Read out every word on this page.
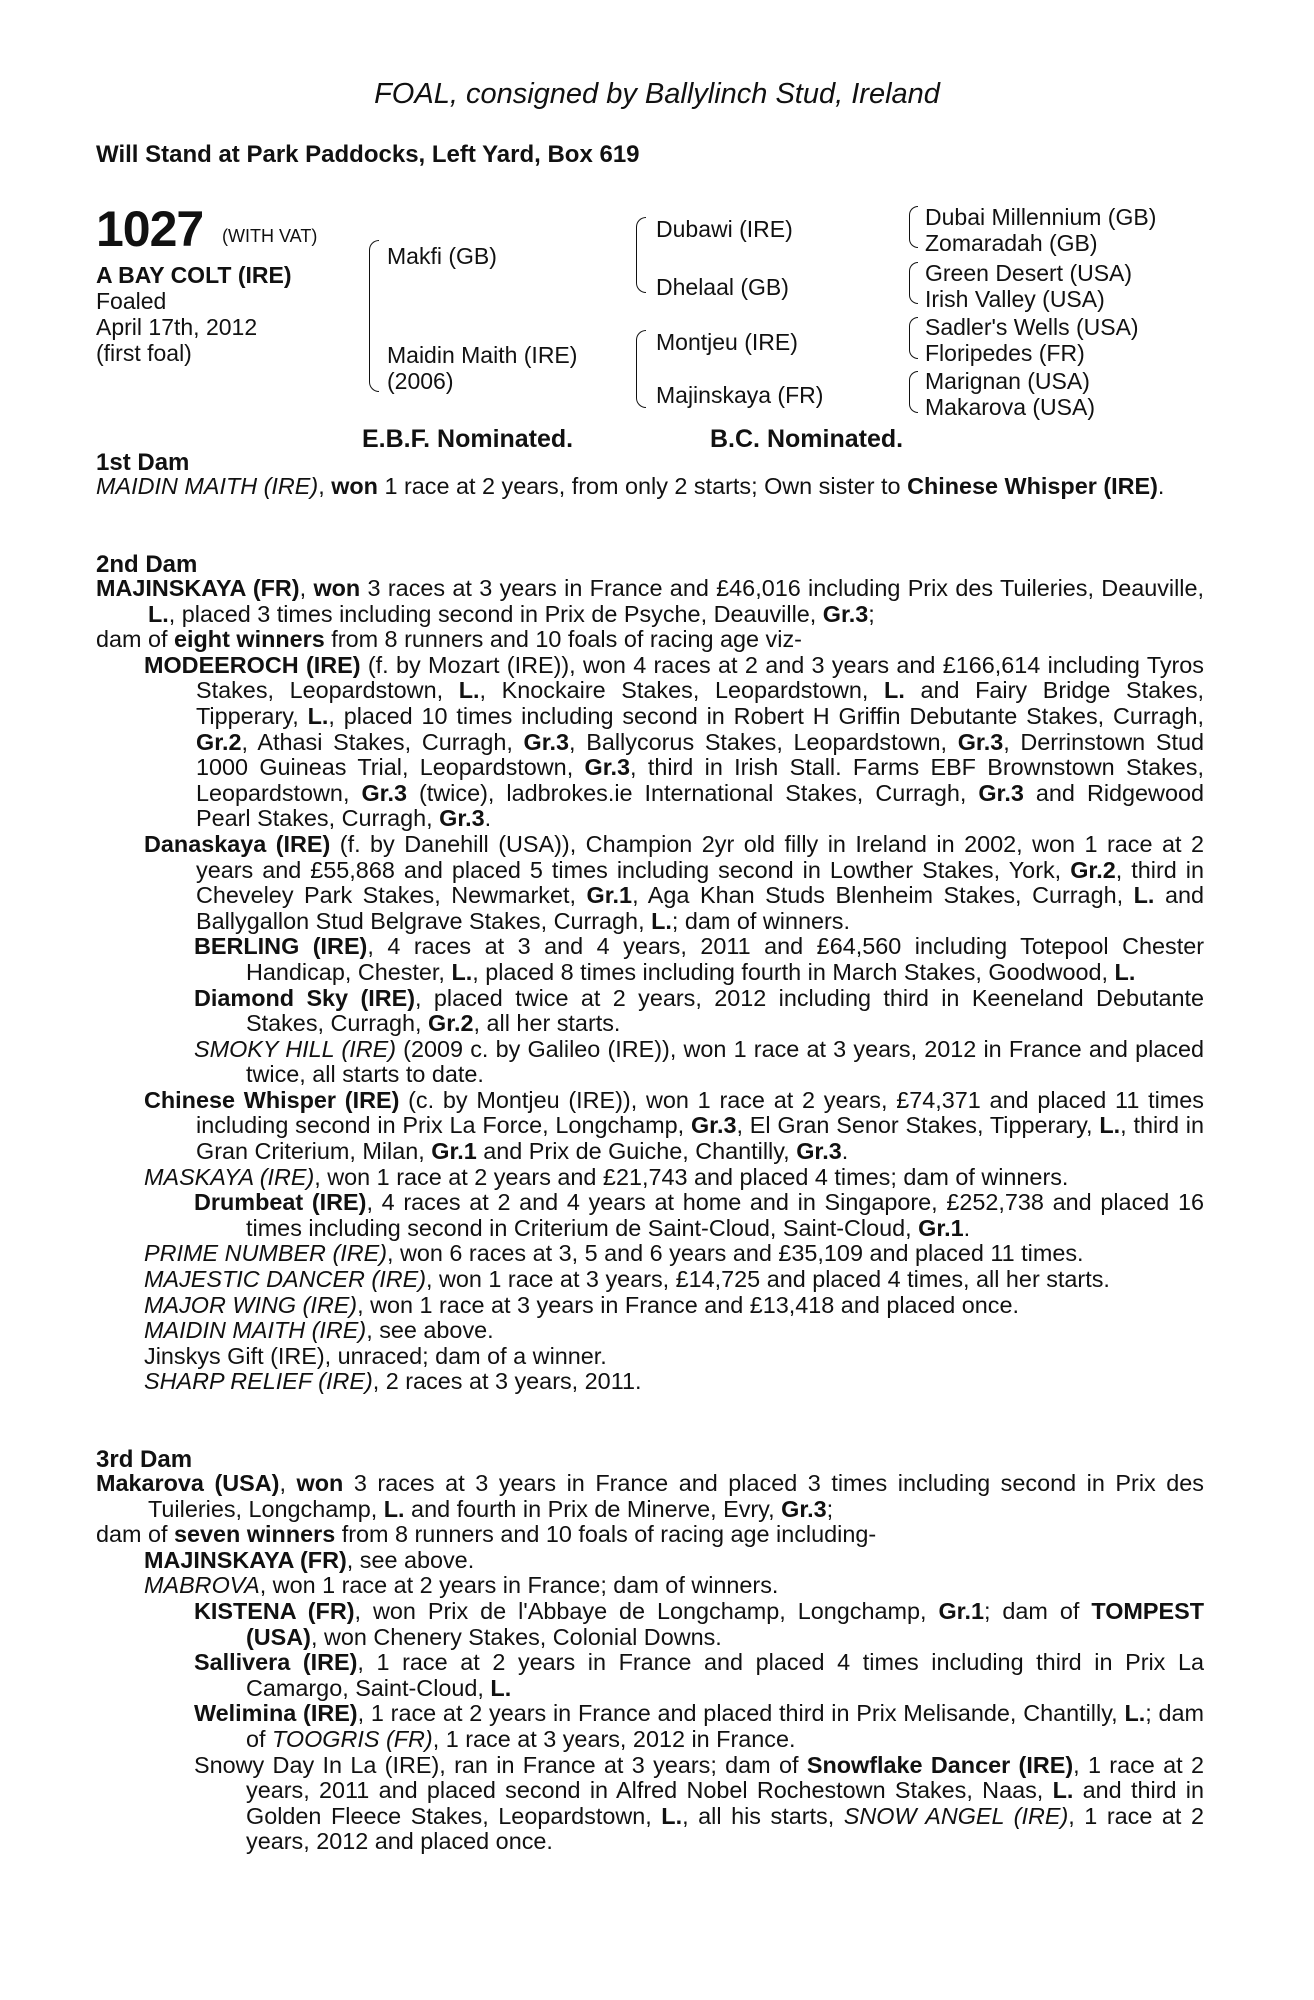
FOAL, consigned by Ballylinch Stud, Ireland
Will Stand at Park Paddocks, Left Yard, Box 619
1027 (WITH VAT)
A BAY COLT (IRE)
Foaled
April 17th, 2012
(first foal)
Makfi (GB)
Maidin Maith (IRE)
(2006)
Dubawi (IRE)
Dhelaal (GB)
Montjeu (IRE)
Majinskaya (FR)
Dubai Millennium (GB)
Zomaradah (GB)
Green Desert (USA)
Irish Valley (USA)
Sadler's Wells (USA)
Floripedes (FR)
Marignan (USA)
Makarova (USA)
E.B.F. Nominated.	B.C. Nominated.
1st Dam

MAIDIN MAITH (IRE), won 1 race at 2 years, from only 2 starts; Own sister to Chinese Whisper (IRE).

2nd Dam

MAJINSKAYA (FR), won 3 races at 3 years in France and £46,016 including Prix des Tuileries, Deauville, L., placed 3 times including second in Prix de Psyche, Deauville, Gr.3;

dam of eight winners from 8 runners and 10 foals of racing age viz-

MODEEROCH (IRE) (f. by Mozart (IRE)), won 4 races at 2 and 3 years and £166,614 including Tyros Stakes, Leopardstown, L., Knockaire Stakes, Leopardstown, L. and Fairy Bridge Stakes, Tipperary, L., placed 10 times including second in Robert H Griffin Debutante Stakes, Curragh, Gr.2, Athasi Stakes, Curragh, Gr.3, Ballycorus Stakes, Leopardstown, Gr.3, Derrinstown Stud 1000 Guineas Trial, Leopardstown, Gr.3, third in Irish Stall. Farms EBF Brownstown Stakes, Leopardstown, Gr.3 (twice), ladbrokes.ie International Stakes, Curragh, Gr.3 and Ridgewood Pearl Stakes, Curragh, Gr.3.

Danaskaya (IRE) (f. by Danehill (USA)), Champion 2yr old filly in Ireland in 2002, won 1 race at 2 years and £55,868 and placed 5 times including second in Lowther Stakes, York, Gr.2, third in Cheveley Park Stakes, Newmarket, Gr.1, Aga Khan Studs Blenheim Stakes, Curragh, L. and Ballygallon Stud Belgrave Stakes, Curragh, L.; dam of winners.

BERLING (IRE), 4 races at 3 and 4 years, 2011 and £64,560 including Totepool Chester Handicap, Chester, L., placed 8 times including fourth in March Stakes, Goodwood, L.

Diamond Sky (IRE), placed twice at 2 years, 2012 including third in Keeneland Debutante Stakes, Curragh, Gr.2, all her starts.

SMOKY HILL (IRE) (2009 c. by Galileo (IRE)), won 1 race at 3 years, 2012 in France and placed twice, all starts to date.

Chinese Whisper (IRE) (c. by Montjeu (IRE)), won 1 race at 2 years, £74,371 and placed 11 times including second in Prix La Force, Longchamp, Gr.3, El Gran Senor Stakes, Tipperary, L., third in Gran Criterium, Milan, Gr.1 and Prix de Guiche, Chantilly, Gr.3.

MASKAYA (IRE), won 1 race at 2 years and £21,743 and placed 4 times; dam of winners.

Drumbeat (IRE), 4 races at 2 and 4 years at home and in Singapore, £252,738 and placed 16 times including second in Criterium de Saint-Cloud, Saint-Cloud, Gr.1.

PRIME NUMBER (IRE), won 6 races at 3, 5 and 6 years and £35,109 and placed 11 times.

MAJESTIC DANCER (IRE), won 1 race at 3 years, £14,725 and placed 4 times, all her starts.

MAJOR WING (IRE), won 1 race at 3 years in France and £13,418 and placed once.

MAIDIN MAITH (IRE), see above.

Jinskys Gift (IRE), unraced; dam of a winner.

SHARP RELIEF (IRE), 2 races at 3 years, 2011.

3rd Dam

Makarova (USA), won 3 races at 3 years in France and placed 3 times including second in Prix des Tuileries, Longchamp, L. and fourth in Prix de Minerve, Evry, Gr.3;

dam of seven winners from 8 runners and 10 foals of racing age including-

MAJINSKAYA (FR), see above.

MABROVA, won 1 race at 2 years in France; dam of winners.

KISTENA (FR), won Prix de l'Abbaye de Longchamp, Longchamp, Gr.1; dam of TOMPEST (USA), won Chenery Stakes, Colonial Downs.

Sallivera (IRE), 1 race at 2 years in France and placed 4 times including third in Prix La Camargo, Saint-Cloud, L.

Welimina (IRE), 1 race at 2 years in France and placed third in Prix Melisande, Chantilly, L.; dam of TOOGRIS (FR), 1 race at 3 years, 2012 in France.

Snowy Day In La (IRE), ran in France at 3 years; dam of Snowflake Dancer (IRE), 1 race at 2 years, 2011 and placed second in Alfred Nobel Rochestown Stakes, Naas, L. and third in Golden Fleece Stakes, Leopardstown, L., all his starts, SNOW ANGEL (IRE), 1 race at 2 years, 2012 and placed once.
